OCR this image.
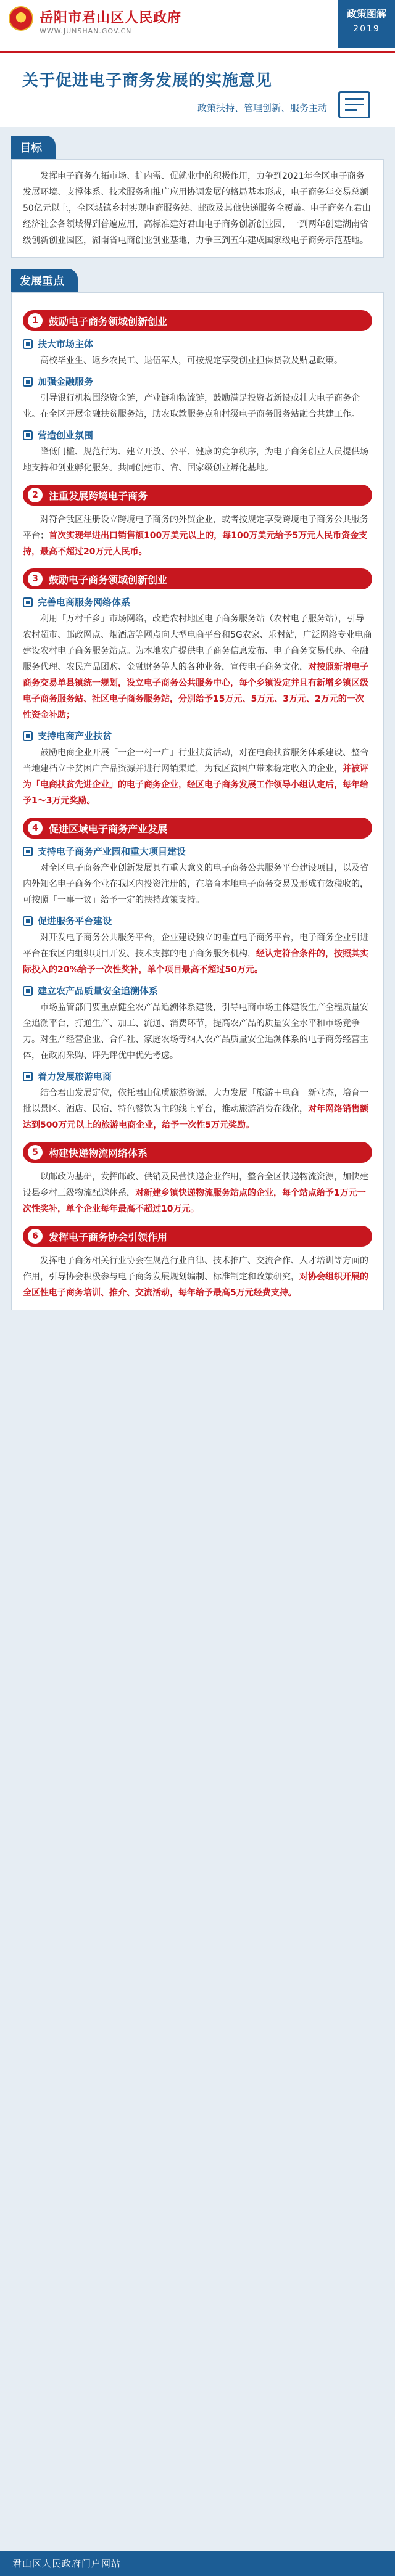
岳阳市君山区人民政府
WWW.JUNSHAN.GOV.CN
政策图解
2019
关于促进电子商务发展的实施意见
政策扶持、管理创新、服务主动
目标

发挥电子商务在拓市场、扩内需、促就业中的积极作用，力争到2021年全区电子商务发展环境、支撑体系、技术服务和推广应用协调发展的格局基本形成，电子商务年交易总额50亿元以上，全区城镇乡村实现电商服务站、邮政及其他快递服务全覆盖。电子商务在君山经济社会各领域得到普遍应用，高标准建好君山电子商务创新创业园，一到两年创建湖南省级创新创业园区，湖南省电商创业创业基地，力争三到五年建成国家级电子商务示范基地。

发展重点
1	鼓励电子商务领域创新创业
扶大市场主体

高校毕业生、返乡农民工、退伍军人，可按规定享受创业担保贷款及贴息政策。

加强金融服务

引导银行机构围绕资金链，产业链和物流链，鼓励满足投资者新设或壮大电子商务企业。在全区开展金融扶贫服务站，助农取款服务点和村级电子商务服务站融合共建工作。

营造创业氛围

降低门槛、规范行为、建立开放、公平、健康的竞争秩序，为电子商务创业人员提供场地支持和创业孵化服务。共同创建市、省、国家级创业孵化基地。

2	注重发展跨境电子商务

对符合我区注册设立跨境电子商务的外贸企业，或者按规定享受跨境电子商务公共服务平台；首次实现年进出口销售额100万美元以上的，每100万美元给予5万元人民币资金支持，最高不超过20万元人民币。

3	鼓励电子商务领域创新创业
完善电商服务网络体系

利用「万村千乡」市场网络，改造农村地区电子商务服务站（农村电子服务站），引导农村超市、邮政网点、烟酒店等网点向大型电商平台和5G农家、乐村站，广泛网络专业电商建设农村电子商务服务站点。为本地农户提供电子商务信息发布、电子商务交易代办、金融服务代理、农民产品团购、金融财务等人的各种业务，宣传电子商务文化，对按照新增电子商务交易单县镇统一规划，设立电子商务公共服务中心，每个乡镇设定并且有新增乡镇区级电子商务服务站、社区电子商务服务站，分别给予15万元、5万元、3万元、2万元的一次性资金补助；

支持电商产业扶贫

鼓励电商企业开展「一企一村一户」行业扶贫活动，对在电商扶贫服务体系建设、整合当地建档立卡贫困户产品资源并进行网销渠道，为我区贫困户带来稳定收入的企业，并被评为「电商扶贫先进企业」的电子商务企业，经区电子商务发展工作领导小组认定后，每年给予1～3万元奖励。

4	促进区域电子商务产业发展
支持电子商务产业园和重大项目建设

对全区电子商务产业创新发展具有重大意义的电子商务公共服务平台建设项目，以及省内外知名电子商务企业在我区内投资注册的，在培育本地电子商务交易及形成有效税收的，可按照「一事一议」给予一定的扶持政策支持。

促进服务平台建设

对开发电子商务公共服务平台，企业建设独立的垂直电子商务平台，电子商务企业引进平台在我区内组织项目开发、技术支撑的电子商务服务机构，经认定符合条件的，按照其实际投入的20%给予一次性奖补，单个项目最高不超过50万元。

建立农产品质量安全追溯体系

市场监管部门要重点健全农产品追溯体系建设，引导电商市场主体建设生产全程质量安全追溯平台，打通生产、加工、流通、消费环节，提高农产品的质量安全水平和市场竞争力。对生产经营企业、合作社、家庭农场等纳入农产品质量安全追溯体系的电子商务经营主体，在政府采购、评先评优中优先考虑。

着力发展旅游电商

结合君山发展定位，依托君山优质旅游资源，大力发展「旅游＋电商」新业态，培育一批以景区、酒店、民宿、特色餐饮为主的线上平台，推动旅游消费在线化，对年网络销售额达到500万元以上的旅游电商企业，给予一次性5万元奖励。

5	构建快递物流网络体系

以邮政为基础，发挥邮政、供销及民营快递企业作用，整合全区快递物流资源，加快建设县乡村三级物流配送体系，对新建乡镇快递物流服务站点的企业，每个站点给予1万元一次性奖补，单个企业每年最高不超过10万元。

6	发挥电子商务协会引领作用

发挥电子商务相关行业协会在规范行业自律、技术推广、交流合作、人才培训等方面的作用，引导协会积极参与电子商务发展规划编制、标准制定和政策研究，对协会组织开展的全区性电子商务培训、推介、交流活动，每年给予最高5万元经费支持。

君山区人民政府门户网站
